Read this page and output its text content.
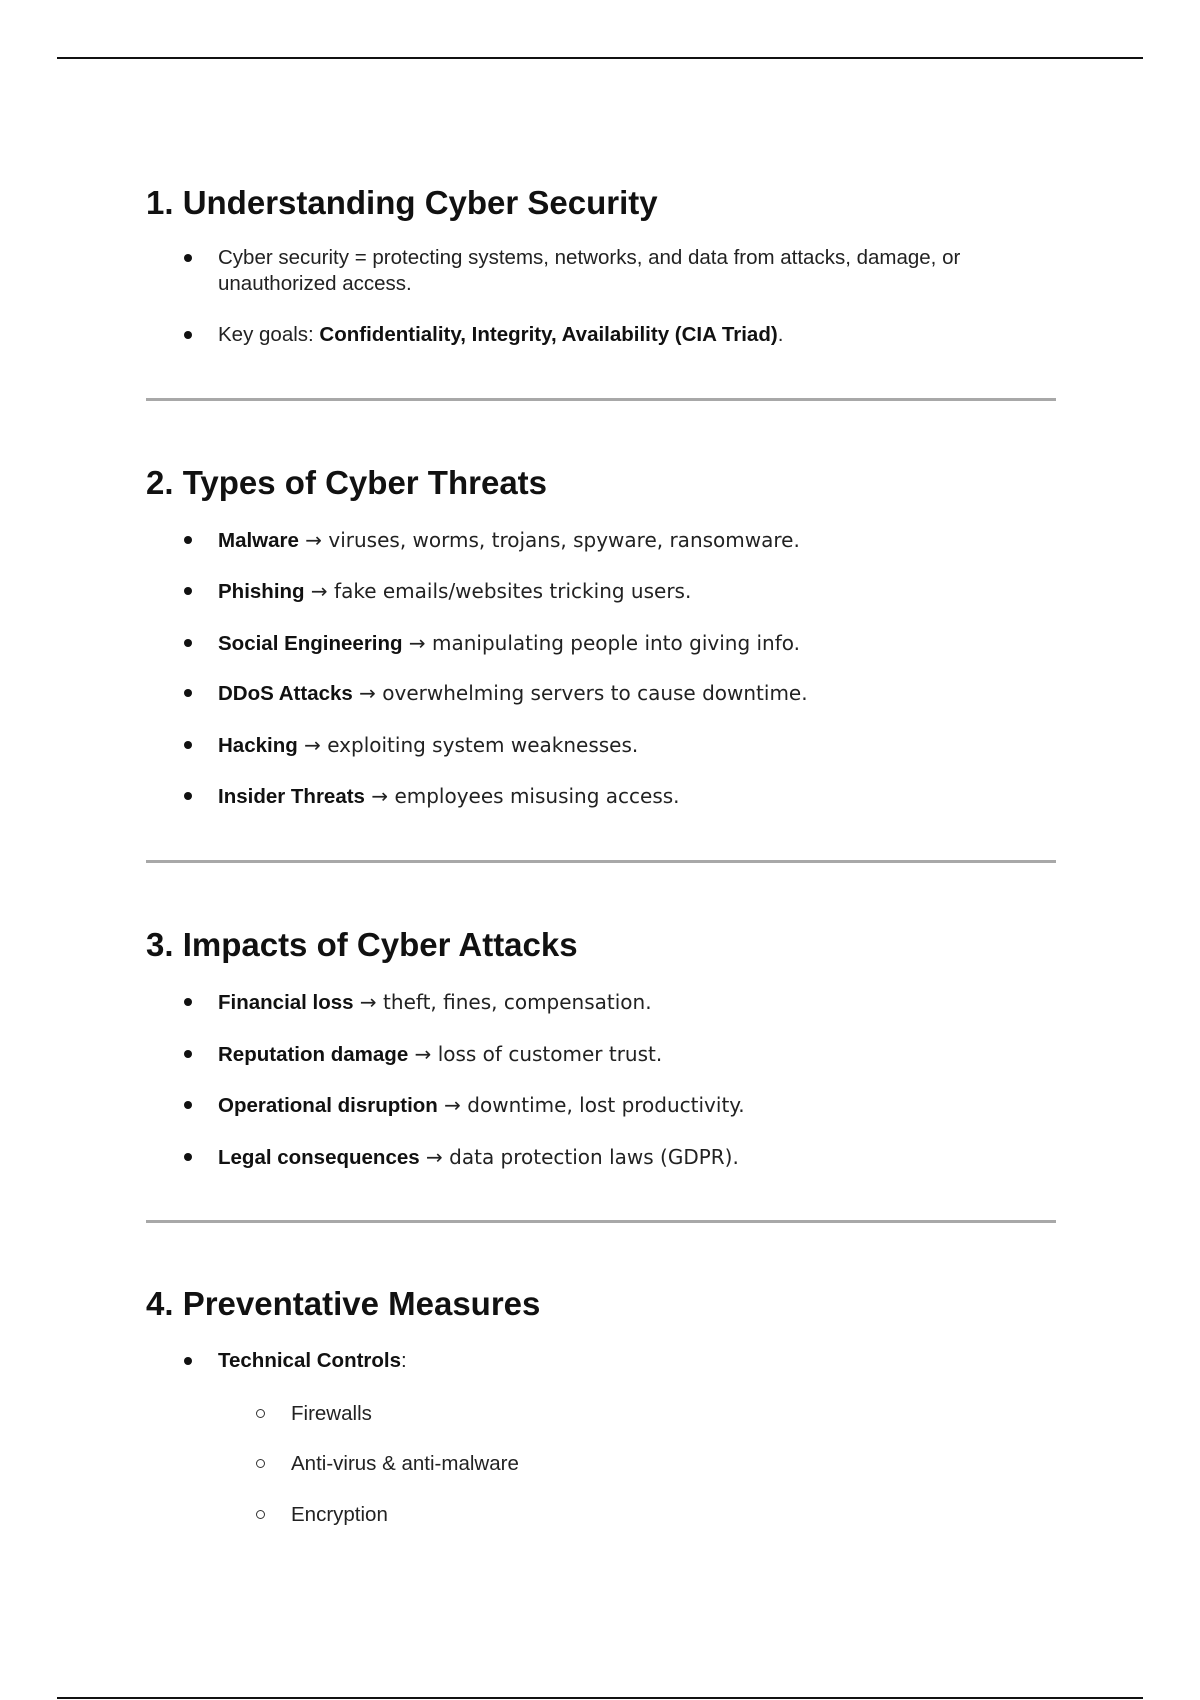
1. Understanding Cyber Security
Cyber security = protecting systems, networks, and data from attacks, damage, or unauthorized access.
Key goals: Confidentiality, Integrity, Availability (CIA Triad).
2. Types of Cyber Threats
Malware → viruses, worms, trojans, spyware, ransomware.
Phishing → fake emails/websites tricking users.
Social Engineering → manipulating people into giving info.
DDoS Attacks → overwhelming servers to cause downtime.
Hacking → exploiting system weaknesses.
Insider Threats → employees misusing access.
3. Impacts of Cyber Attacks
Financial loss → theft, fines, compensation.
Reputation damage → loss of customer trust.
Operational disruption → downtime, lost productivity.
Legal consequences → data protection laws (GDPR).
4. Preventative Measures
Technical Controls:
Firewalls
Anti-virus & anti-malware
Encryption
